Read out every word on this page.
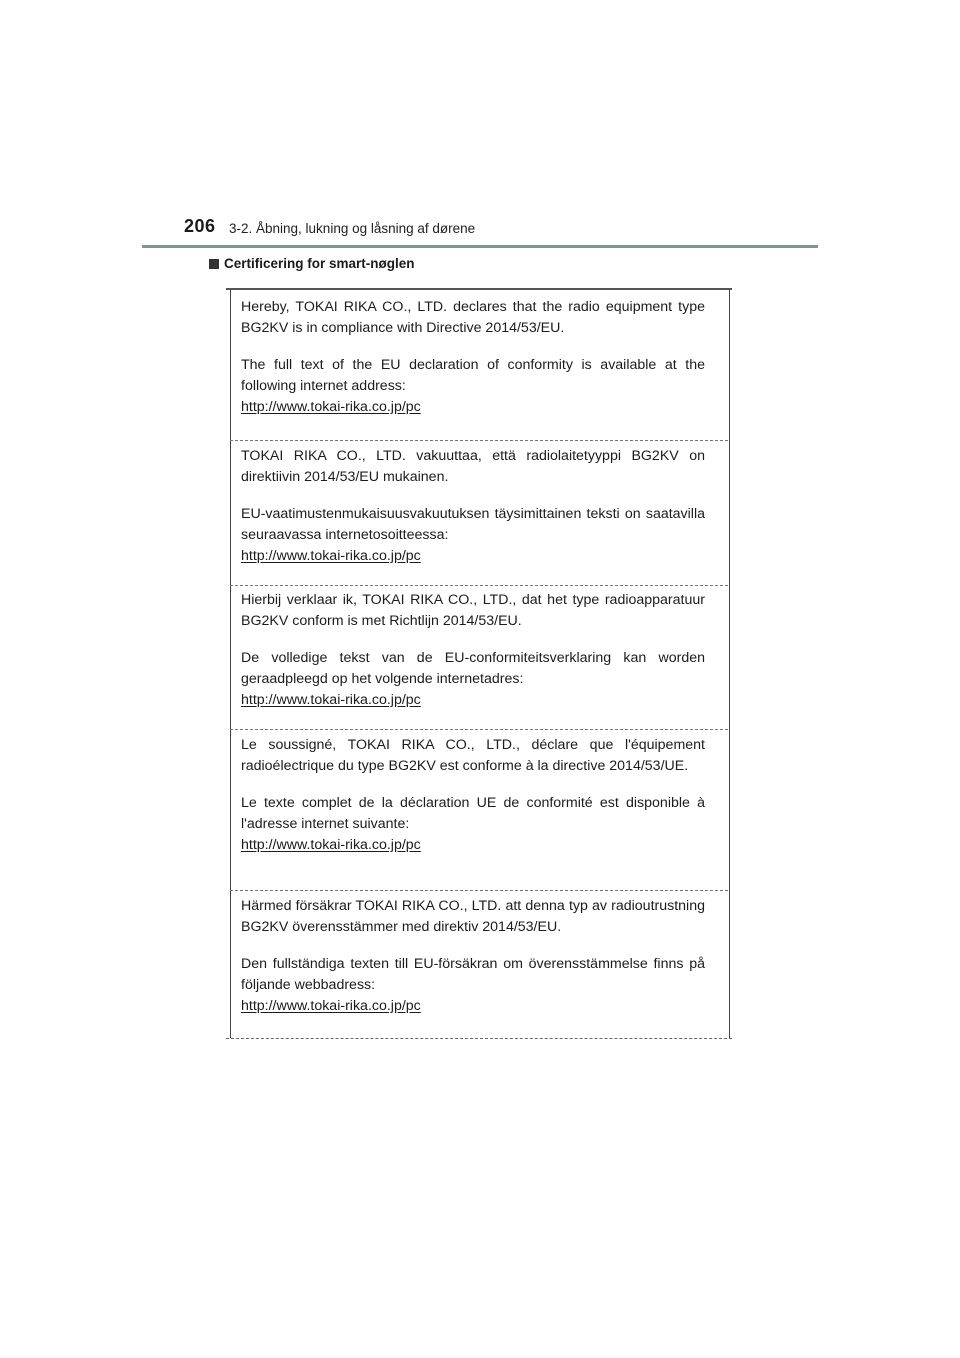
206 3-2. Åbning, lukning og låsning af dørene
Certificering for smart-nøglen

Hereby, TOKAI RIKA CO., LTD. declares that the radio equipment type BG2KV is in compliance with Directive 2014/53/EU.

The full text of the EU declaration of conformity is available at the following internet address:

http://www.tokai-rika.co.jp/pc

TOKAI RIKA CO., LTD. vakuuttaa, että radiolaitetyyppi BG2KV on direktiivin 2014/53/EU mukainen.

EU-vaatimustenmukaisuusvakuutuksen täysimittainen teksti on saatavilla seuraavassa internetosoitteessa:

http://www.tokai-rika.co.jp/pc

Hierbij verklaar ik, TOKAI RIKA CO., LTD., dat het type radioapparatuur BG2KV conform is met Richtlijn 2014/53/EU.

De volledige tekst van de EU-conformiteitsverklaring kan worden geraadpleegd op het volgende internetadres:

http://www.tokai-rika.co.jp/pc

Le soussigné, TOKAI RIKA CO., LTD., déclare que l'équipement radioélectrique du type BG2KV est conforme à la directive 2014/53/UE.

Le texte complet de la déclaration UE de conformité est disponible à l'adresse internet suivante:

http://www.tokai-rika.co.jp/pc

Härmed försäkrar TOKAI RIKA CO., LTD. att denna typ av radioutrustning BG2KV överensstämmer med direktiv 2014/53/EU.

Den fullständiga texten till EU-försäkran om överensstämmelse finns på följande webbadress:

http://www.tokai-rika.co.jp/pc
